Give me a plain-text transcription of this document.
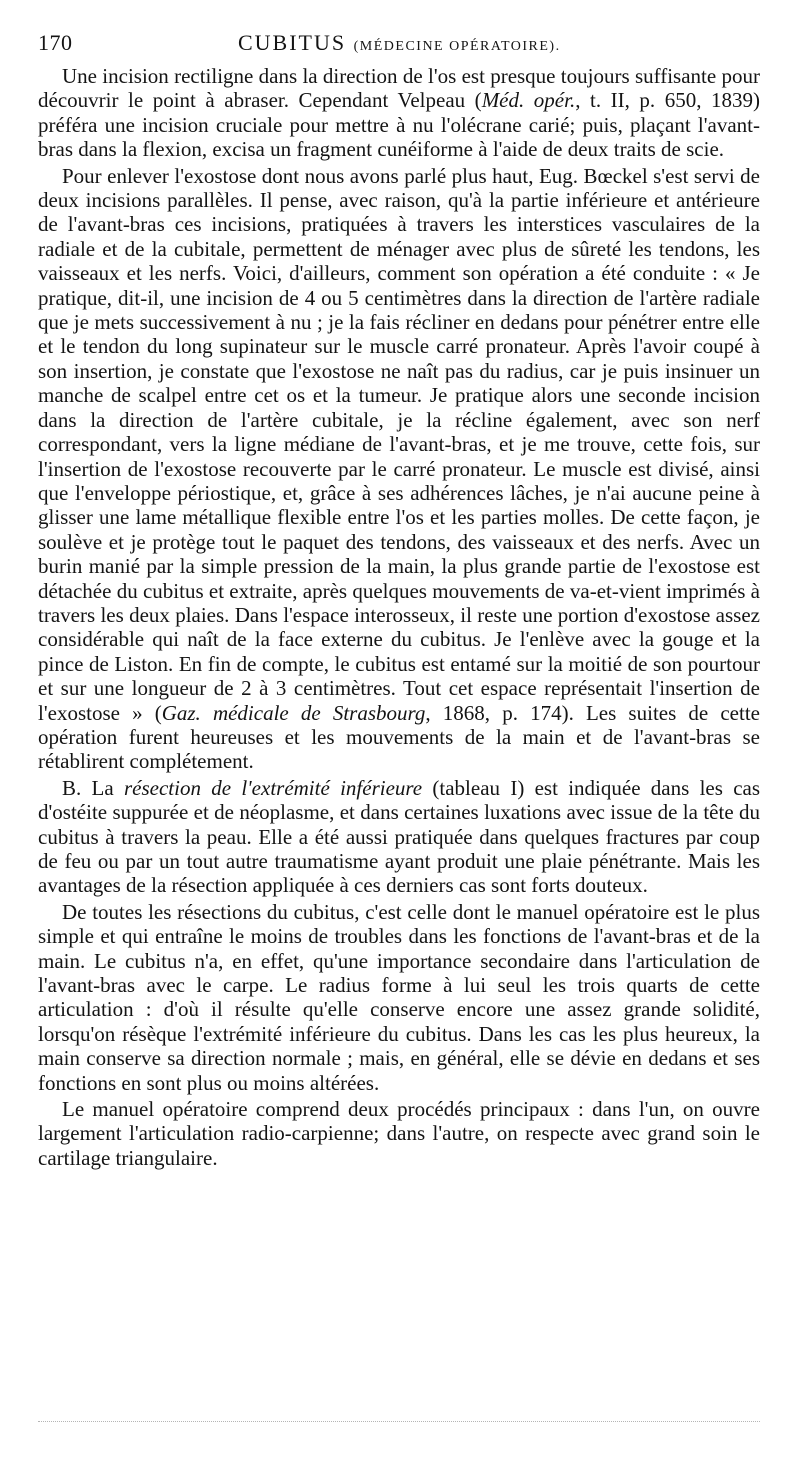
170	CUBITUS (MÉDECINE OPÉRATOIRE).

Une incision rectiligne dans la direction de l'os est presque toujours suffisante pour découvrir le point à abraser. Cependant Velpeau (Méd. opér., t. II, p. 650, 1839) préféra une incision cruciale pour mettre à nu l'olécrane carié; puis, plaçant l'avant-bras dans la flexion, excisa un fragment cunéiforme à l'aide de deux traits de scie.

Pour enlever l'exostose dont nous avons parlé plus haut, Eug. Bœckel s'est servi de deux incisions parallèles. Il pense, avec raison, qu'à la partie inférieure et antérieure de l'avant-bras ces incisions, pratiquées à travers les interstices vasculaires de la radiale et de la cubitale, permettent de ménager avec plus de sûreté les tendons, les vaisseaux et les nerfs. Voici, d'ailleurs, comment son opération a été conduite : « Je pratique, dit-il, une incision de 4 ou 5 centimètres dans la direction de l'artère radiale que je mets successivement à nu ; je la fais récliner en dedans pour pénétrer entre elle et le tendon du long supinateur sur le muscle carré pronateur. Après l'avoir coupé à son insertion, je constate que l'exostose ne naît pas du radius, car je puis insinuer un manche de scalpel entre cet os et la tumeur. Je pratique alors une seconde incision dans la direction de l'artère cubitale, je la récline également, avec son nerf correspondant, vers la ligne médiane de l'avant-bras, et je me trouve, cette fois, sur l'insertion de l'exostose recouverte par le carré pronateur. Le muscle est divisé, ainsi que l'enveloppe périostique, et, grâce à ses adhérences lâches, je n'ai aucune peine à glisser une lame métallique flexible entre l'os et les parties molles. De cette façon, je soulève et je protège tout le paquet des tendons, des vaisseaux et des nerfs. Avec un burin manié par la simple pression de la main, la plus grande partie de l'exostose est détachée du cubitus et extraite, après quelques mouvements de va-et-vient imprimés à travers les deux plaies. Dans l'espace interosseux, il reste une portion d'exostose assez considérable qui naît de la face externe du cubitus. Je l'enlève avec la gouge et la pince de Liston. En fin de compte, le cubitus est entamé sur la moitié de son pourtour et sur une longueur de 2 à 3 centimètres. Tout cet espace représentait l'insertion de l'exostose » (Gaz. médicale de Strasbourg, 1868, p. 174). Les suites de cette opération furent heureuses et les mouvements de la main et de l'avant-bras se rétablirent complétement.

B. La résection de l'extrémité inférieure (tableau I) est indiquée dans les cas d'ostéite suppurée et de néoplasme, et dans certaines luxations avec issue de la tête du cubitus à travers la peau. Elle a été aussi pratiquée dans quelques fractures par coup de feu ou par un tout autre traumatisme ayant produit une plaie pénétrante. Mais les avantages de la résection appliquée à ces derniers cas sont forts douteux.

De toutes les résections du cubitus, c'est celle dont le manuel opératoire est le plus simple et qui entraîne le moins de troubles dans les fonctions de l'avant-bras et de la main. Le cubitus n'a, en effet, qu'une importance secondaire dans l'articulation de l'avant-bras avec le carpe. Le radius forme à lui seul les trois quarts de cette articulation : d'où il résulte qu'elle conserve encore une assez grande solidité, lorsqu'on résèque l'extrémité inférieure du cubitus. Dans les cas les plus heureux, la main conserve sa direction normale ; mais, en général, elle se dévie en dedans et ses fonctions en sont plus ou moins altérées.

Le manuel opératoire comprend deux procédés principaux : dans l'un, on ouvre largement l'articulation radio-carpienne; dans l'autre, on respecte avec grand soin le cartilage triangulaire.
